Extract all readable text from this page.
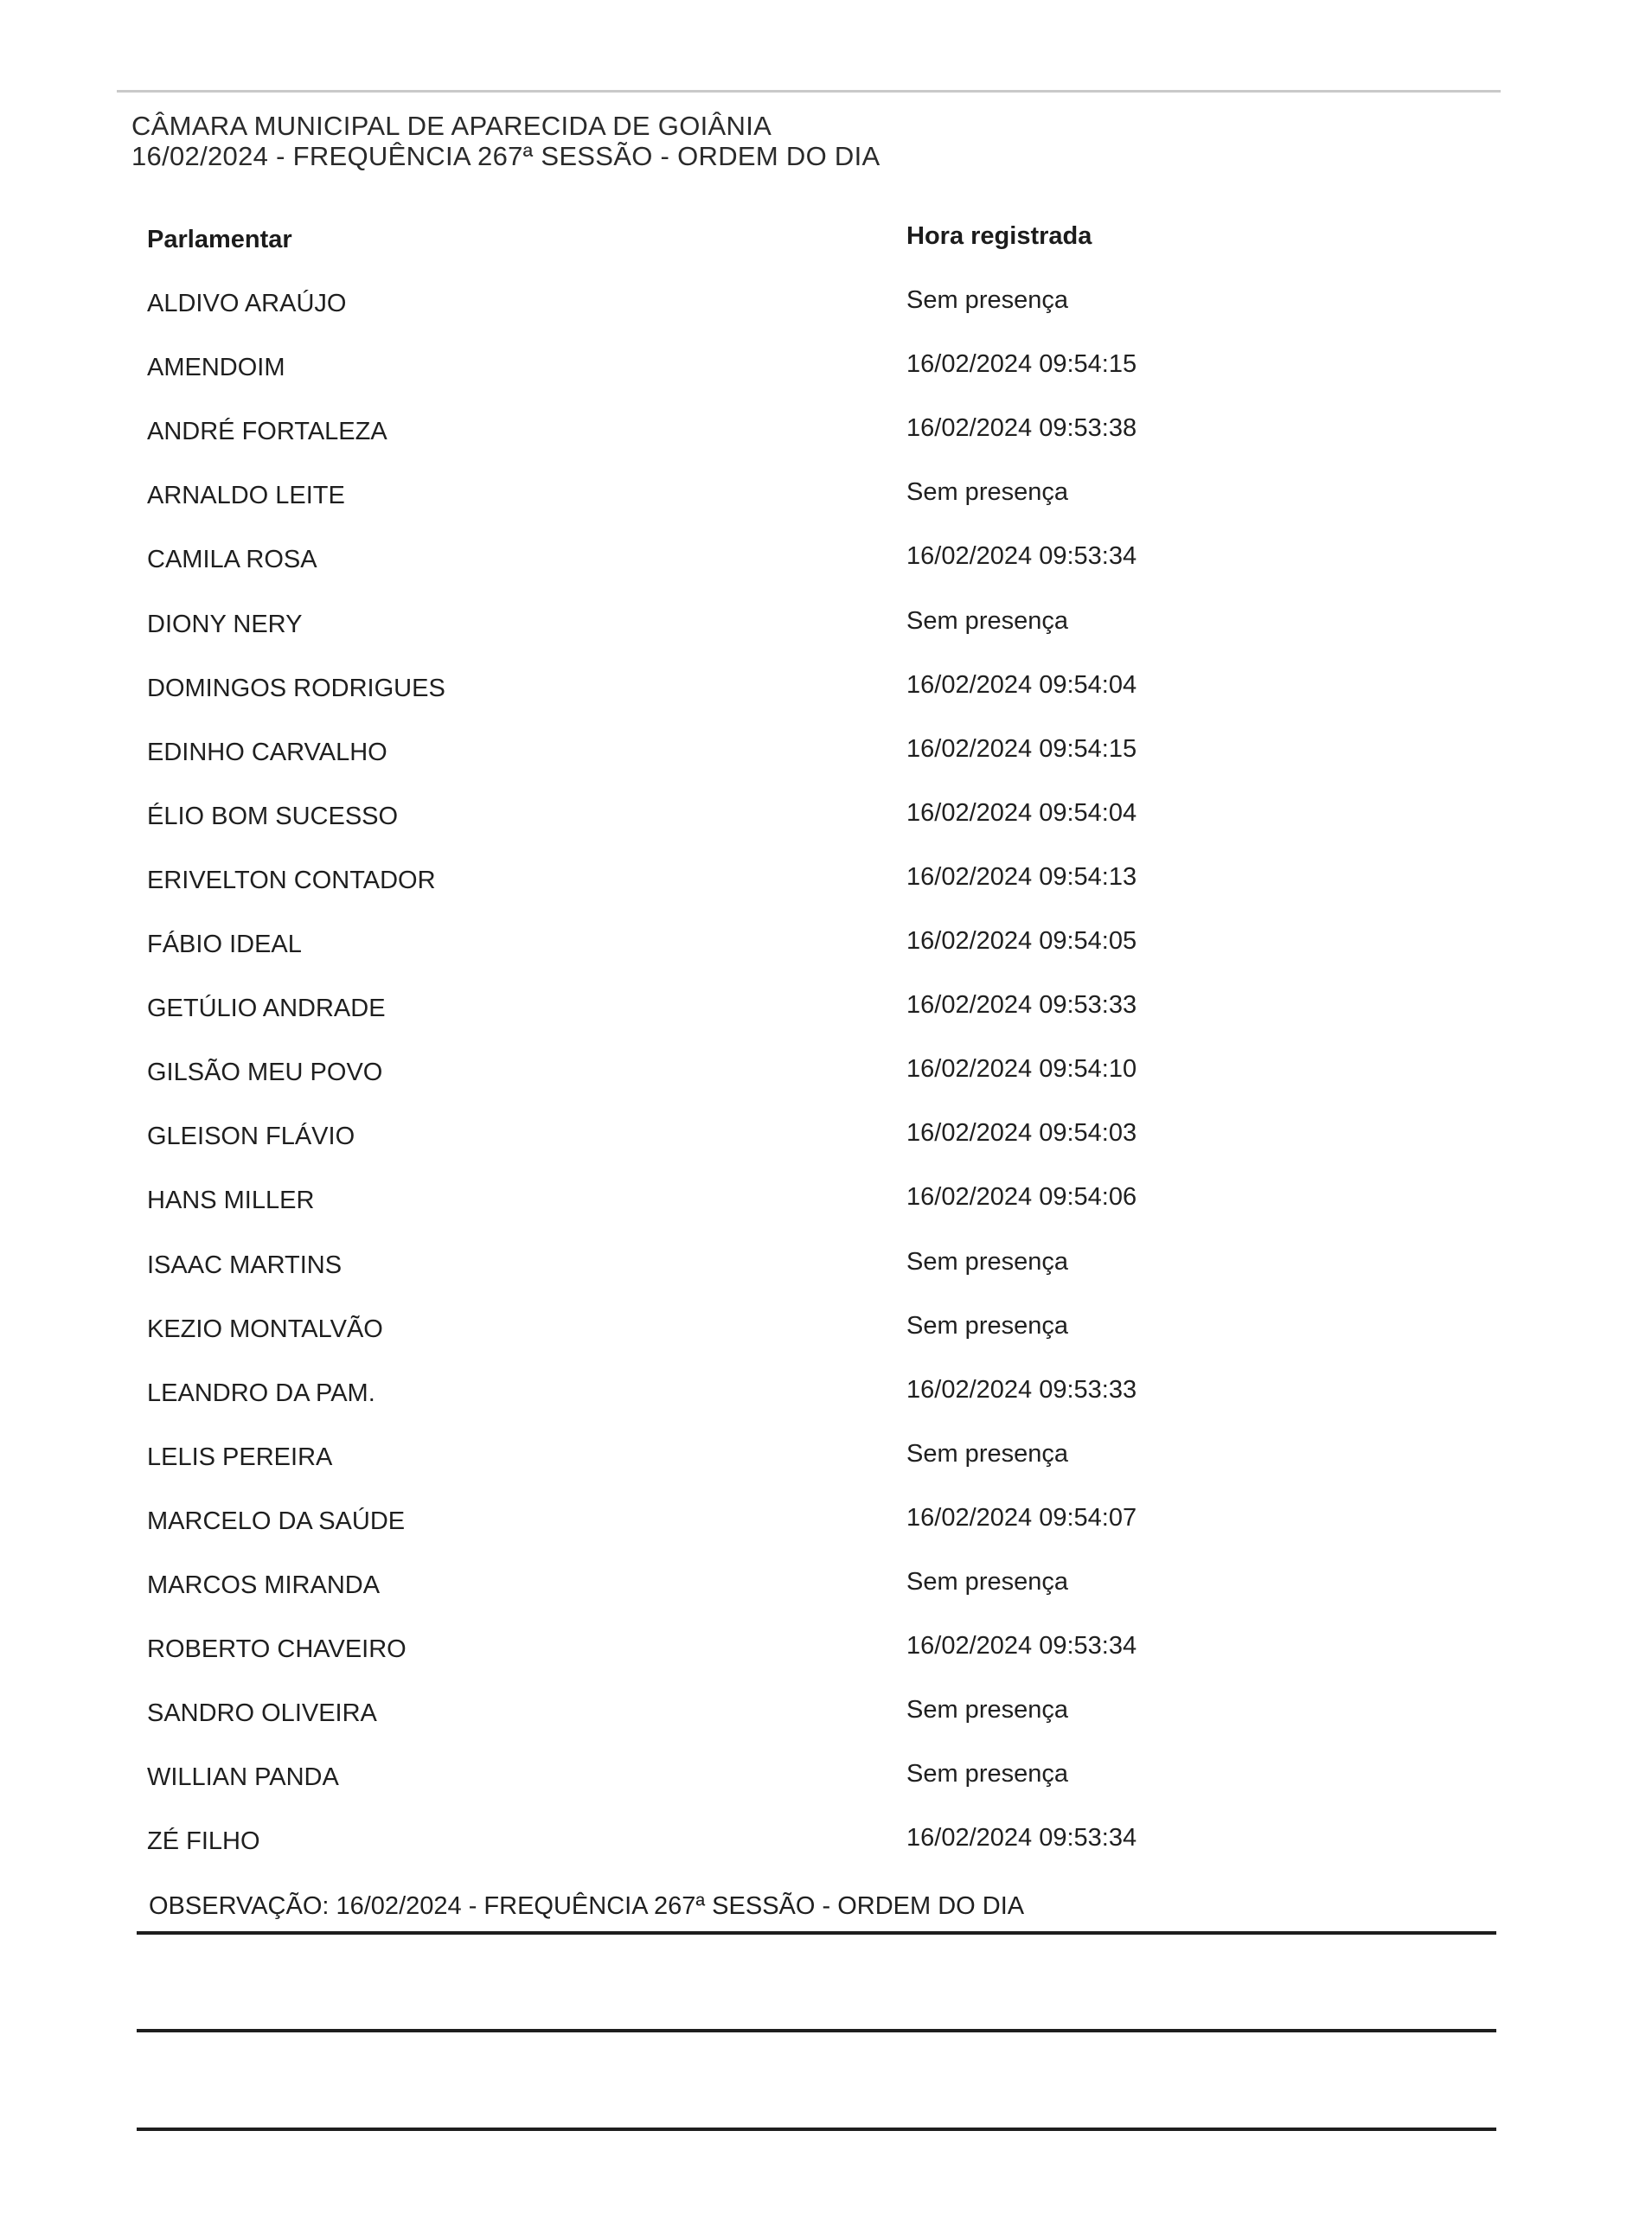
CÂMARA MUNICIPAL DE APARECIDA DE GOIÂNIA
16/02/2024 - FREQUÊNCIA 267ª SESSÃO - ORDEM DO DIA
Parlamentar	Hora registrada
ALDIVO ARAÚJO	Sem presença
AMENDOIM	16/02/2024 09:54:15
ANDRÉ FORTALEZA	16/02/2024 09:53:38
ARNALDO LEITE	Sem presença
CAMILA ROSA	16/02/2024 09:53:34
DIONY NERY	Sem presença
DOMINGOS RODRIGUES	16/02/2024 09:54:04
EDINHO CARVALHO	16/02/2024 09:54:15
ÉLIO BOM SUCESSO	16/02/2024 09:54:04
ERIVELTON CONTADOR	16/02/2024 09:54:13
FÁBIO IDEAL	16/02/2024 09:54:05
GETÚLIO ANDRADE	16/02/2024 09:53:33
GILSÃO MEU POVO	16/02/2024 09:54:10
GLEISON FLÁVIO	16/02/2024 09:54:03
HANS MILLER	16/02/2024 09:54:06
ISAAC MARTINS	Sem presença
KEZIO MONTALVÃO	Sem presença
LEANDRO DA PAM.	16/02/2024 09:53:33
LELIS PEREIRA	Sem presença
MARCELO DA SAÚDE	16/02/2024 09:54:07
MARCOS MIRANDA	Sem presença
ROBERTO CHAVEIRO	16/02/2024 09:53:34
SANDRO OLIVEIRA	Sem presença
WILLIAN PANDA	Sem presença
ZÉ FILHO	16/02/2024 09:53:34
OBSERVAÇÃO: 16/02/2024 - FREQUÊNCIA 267ª SESSÃO - ORDEM DO DIA
